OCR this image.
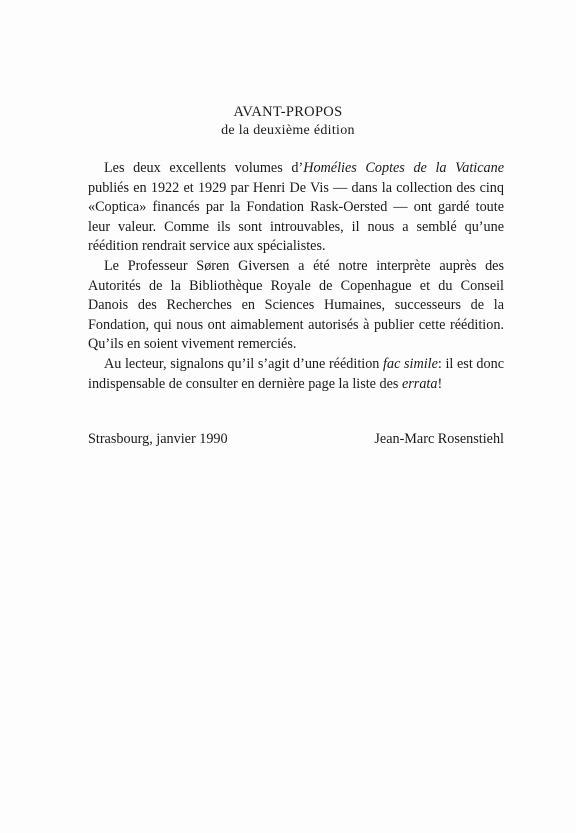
AVANT-PROPOS
de la deuxième édition

Les deux excellents volumes d’Homélies Coptes de la Vaticane publiés en 1922 et 1929 par Henri De Vis — dans la collection des cinq «Coptica» financés par la Fondation Rask-Oersted — ont gardé toute leur valeur. Comme ils sont introuvables, il nous a semblé qu’une réédition rendrait service aux spécialistes.

Le Professeur Søren Giversen a été notre interprète auprès des Autorités de la Bibliothèque Royale de Copenhague et du Conseil Danois des Recherches en Sciences Humaines, successeurs de la Fondation, qui nous ont aimablement autorisés à publier cette réédition. Qu’ils en soient vivement remerciés.

Au lecteur, signalons qu’il s’agit d’une réédition fac simile: il est donc indispensable de consulter en dernière page la liste des errata!

Strasbourg, janvier 1990	Jean-Marc Rosenstiehl
